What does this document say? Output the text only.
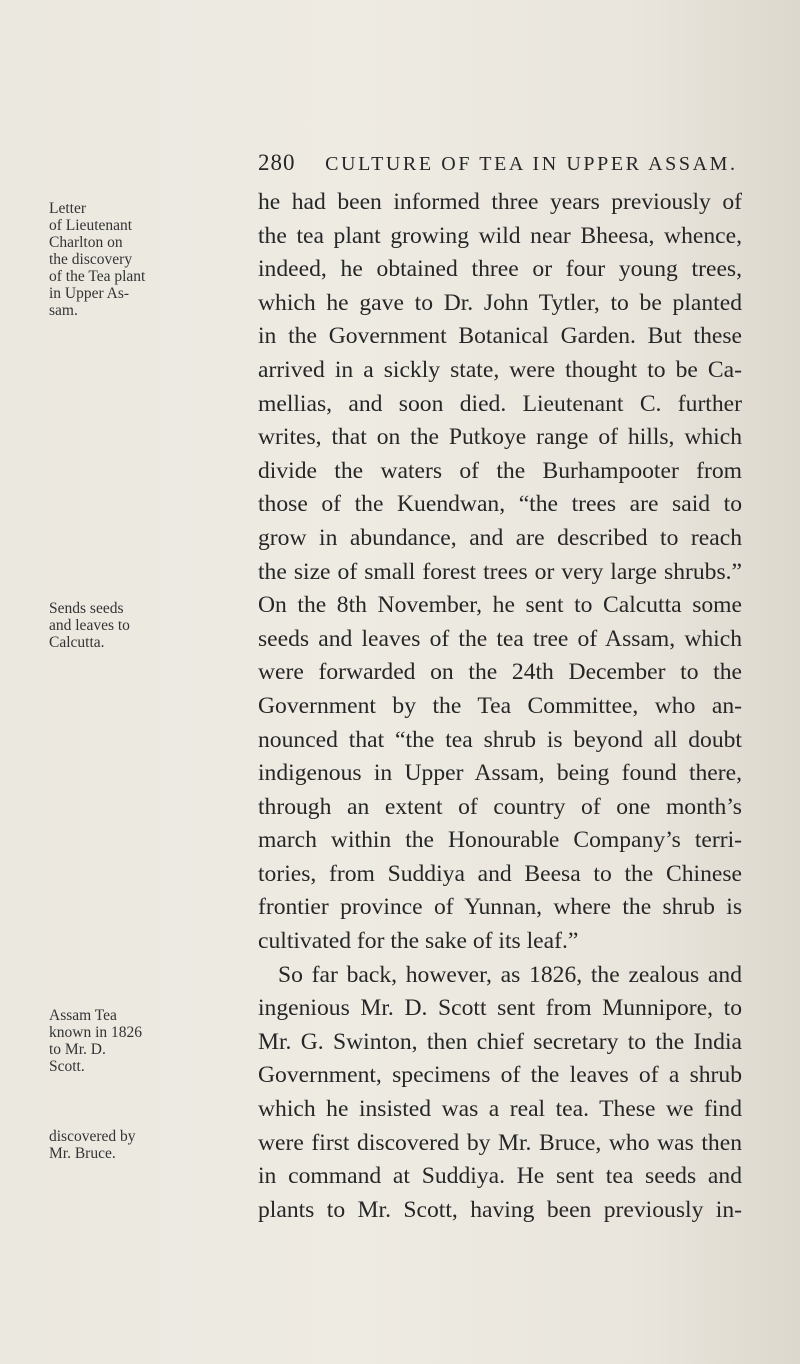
280 CULTURE OF TEA IN UPPER ASSAM.
Letter
of Lieutenant
Charlton on
the discovery
of the Tea plant
in Upper As-
sam.
Sends seeds
and leaves to
Calcutta.
Assam Tea
known in 1826
to Mr. D.
Scott.
discovered by
Mr. Bruce.
he had been informed three years previously of
the tea plant growing wild near Bheesa, whence,
indeed, he obtained three or four young trees,
which he gave to Dr. John Tytler, to be planted
in the Government Botanical Garden. But these
arrived in a sickly state, were thought to be Ca-
mellias, and soon died. Lieutenant C. further
writes, that on the Putkoye range of hills, which
divide the waters of the Burhampooter from
those of the Kuendwan, “the trees are said to
grow in abundance, and are described to reach
the size of small forest trees or very large shrubs.”
On the 8th November, he sent to Calcutta some
seeds and leaves of the tea tree of Assam, which
were forwarded on the 24th December to the
Government by the Tea Committee, who an-
nounced that “the tea shrub is beyond all doubt
indigenous in Upper Assam, being found there,
through an extent of country of one month’s
march within the Honourable Company’s terri-
tories, from Suddiya and Beesa to the Chinese
frontier province of Yunnan, where the shrub is
cultivated for the sake of its leaf.”
So far back, however, as 1826, the zealous and
ingenious Mr. D. Scott sent from Munnipore, to
Mr. G. Swinton, then chief secretary to the India
Government, specimens of the leaves of a shrub
which he insisted was a real tea. These we find
were first discovered by Mr. Bruce, who was then
in command at Suddiya. He sent tea seeds and
plants to Mr. Scott, having been previously in-
